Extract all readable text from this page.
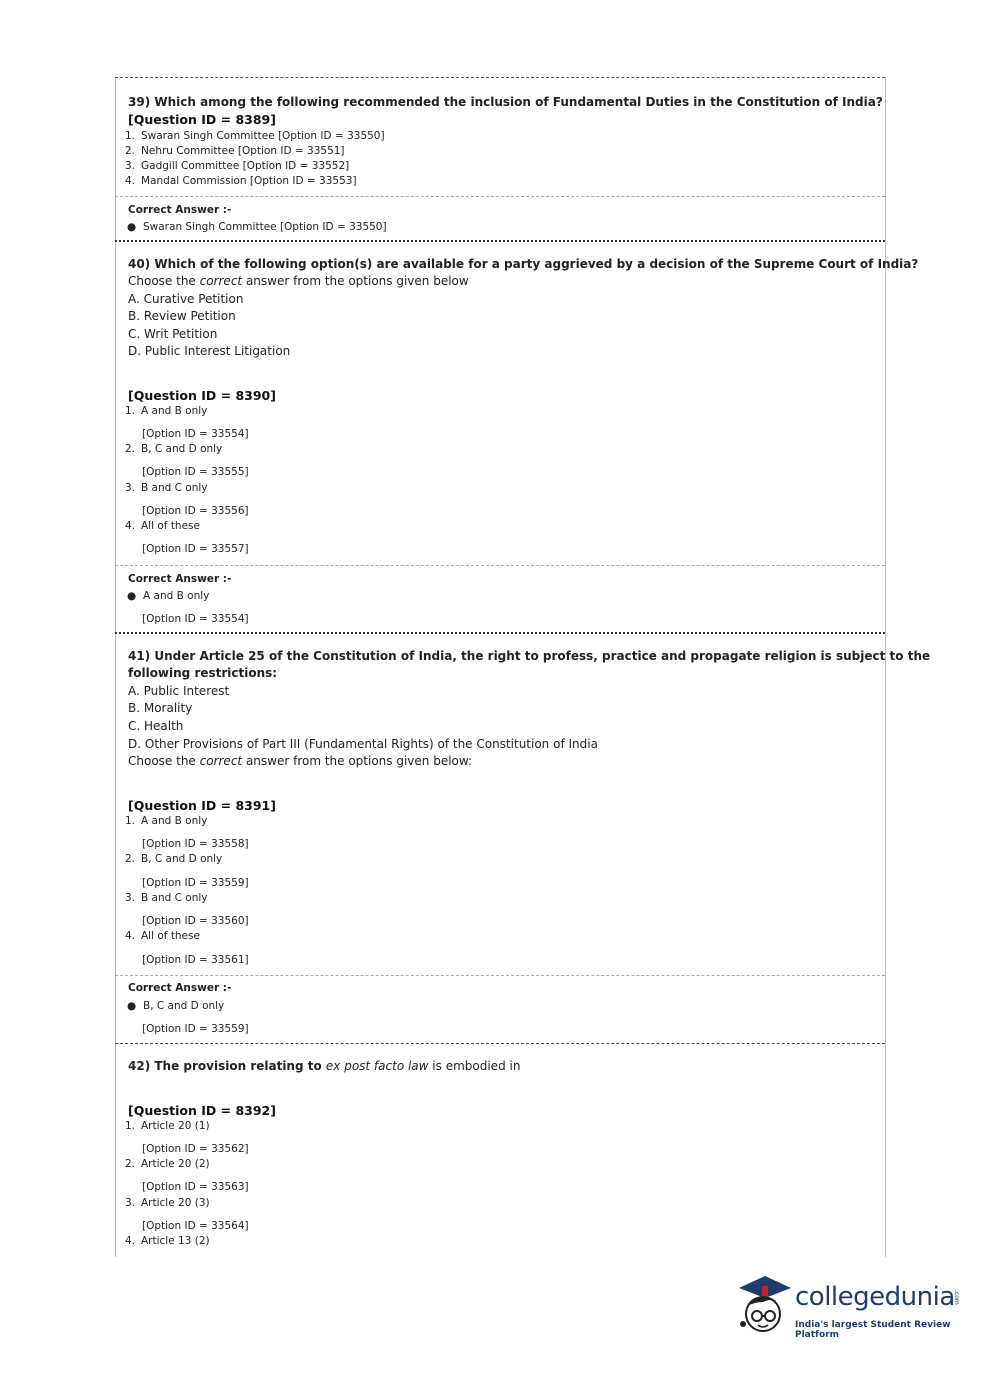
39) Which among the following recommended the inclusion of Fundamental Duties in the Constitution of India?
[Question ID = 8389]
1. Swaran Singh Committee [Option ID = 33550]
2. Nehru Committee [Option ID = 33551]
3. Gadgill Committee [Option ID = 33552]
4. Mandal Commission [Option ID = 33553]
Correct Answer :-
● Swaran Singh Committee [Option ID = 33550]
40) Which of the following option(s) are available for a party aggrieved by a decision of the Supreme Court of India?
Choose the correct answer from the options given below
A. Curative Petition
B. Review Petition
C. Writ Petition
D. Public Interest Litigation
[Question ID = 8390]
1. A and B only
[Option ID = 33554]
2. B, C and D only
[Option ID = 33555]
3. B and C only
[Option ID = 33556]
4. All of these
[Option ID = 33557]
Correct Answer :-
● A and B only
[Option ID = 33554]
41) Under Article 25 of the Constitution of India, the right to profess, practice and propagate religion is subject to the
following restrictions:
A. Public Interest
B. Morality
C. Health
D. Other Provisions of Part III (Fundamental Rights) of the Constitution of India
Choose the correct answer from the options given below:
[Question ID = 8391]
1. A and B only
[Option ID = 33558]
2. B, C and D only
[Option ID = 33559]
3. B and C only
[Option ID = 33560]
4. All of these
[Option ID = 33561]
Correct Answer :-
● B, C and D only
[Option ID = 33559]
42) The provision relating to ex post facto law is embodied in
[Question ID = 8392]
1. Article 20 (1)
[Option ID = 33562]
2. Article 20 (2)
[Option ID = 33563]
3. Article 20 (3)
[Option ID = 33564]
4. Article 13 (2)
collegedunia
.com
India's largest Student Review Platform
